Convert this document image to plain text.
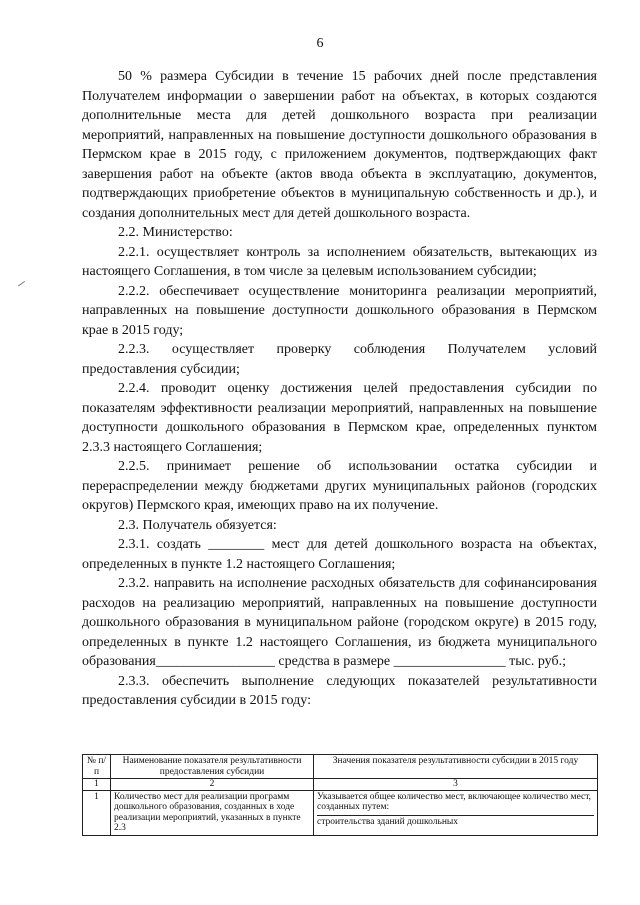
6

50 % размера Субсидии в течение 15 рабочих дней после представления Получателем информации о завершении работ на объектах, в которых создаются дополнительные места для детей дошкольного возраста при реализации мероприятий, направленных на повышение доступности дошкольного образования в Пермском крае в 2015 году, с приложением документов, подтверждающих факт завершения работ на объекте (актов ввода объекта в эксплуатацию, документов, подтверждающих приобретение объектов в муниципальную собственность и др.), и создания дополнительных мест для детей дошкольного возраста.

2.2. Министерство:

2.2.1. осуществляет контроль за исполнением обязательств, вытекающих из настоящего Соглашения, в том числе за целевым использованием субсидии;

2.2.2. обеспечивает осуществление мониторинга реализации мероприятий, направленных на повышение доступности дошкольного образования в Пермском крае в 2015 году;

2.2.3. осуществляет проверку соблюдения Получателем условий предоставления субсидии;

2.2.4. проводит оценку достижения целей предоставления субсидии по показателям эффективности реализации мероприятий, направленных на повышение доступности дошкольного образования в Пермском крае, определенных пунктом 2.3.3 настоящего Соглашения;

2.2.5. принимает решение об использовании остатка субсидии и перераспределении между бюджетами других муниципальных районов (городских округов) Пермского края, имеющих право на их получение.

2.3. Получатель обязуется:

2.3.1. создать ________ мест для детей дошкольного возраста на объектах, определенных в пункте 1.2 настоящего Соглашения;

2.3.2. направить на исполнение расходных обязательств для софинансирования расходов на реализацию мероприятий, направленных на повышение доступности дошкольного образования в муниципальном районе (городском округе) в 2015 году, определенных в пункте 1.2 настоящего Соглашения, из бюджета муниципального образования_________________ средства в размере ________________ тыс. руб.;

2.3.3. обеспечить выполнение следующих показателей результативности предоставления субсидии в 2015 году:

№ п/п	Наименование показателя результативности предоставления субсидии	Значения показателя результативности субсидии в 2015 году
1	2	3
1	Количество мест для реализации программ дошкольного образования, созданных в ходе реализации мероприятий, указанных в пункте 2.3	Указывается общее количество мест, включающее количество мест, созданных путем:
строительства зданий дошкольных
